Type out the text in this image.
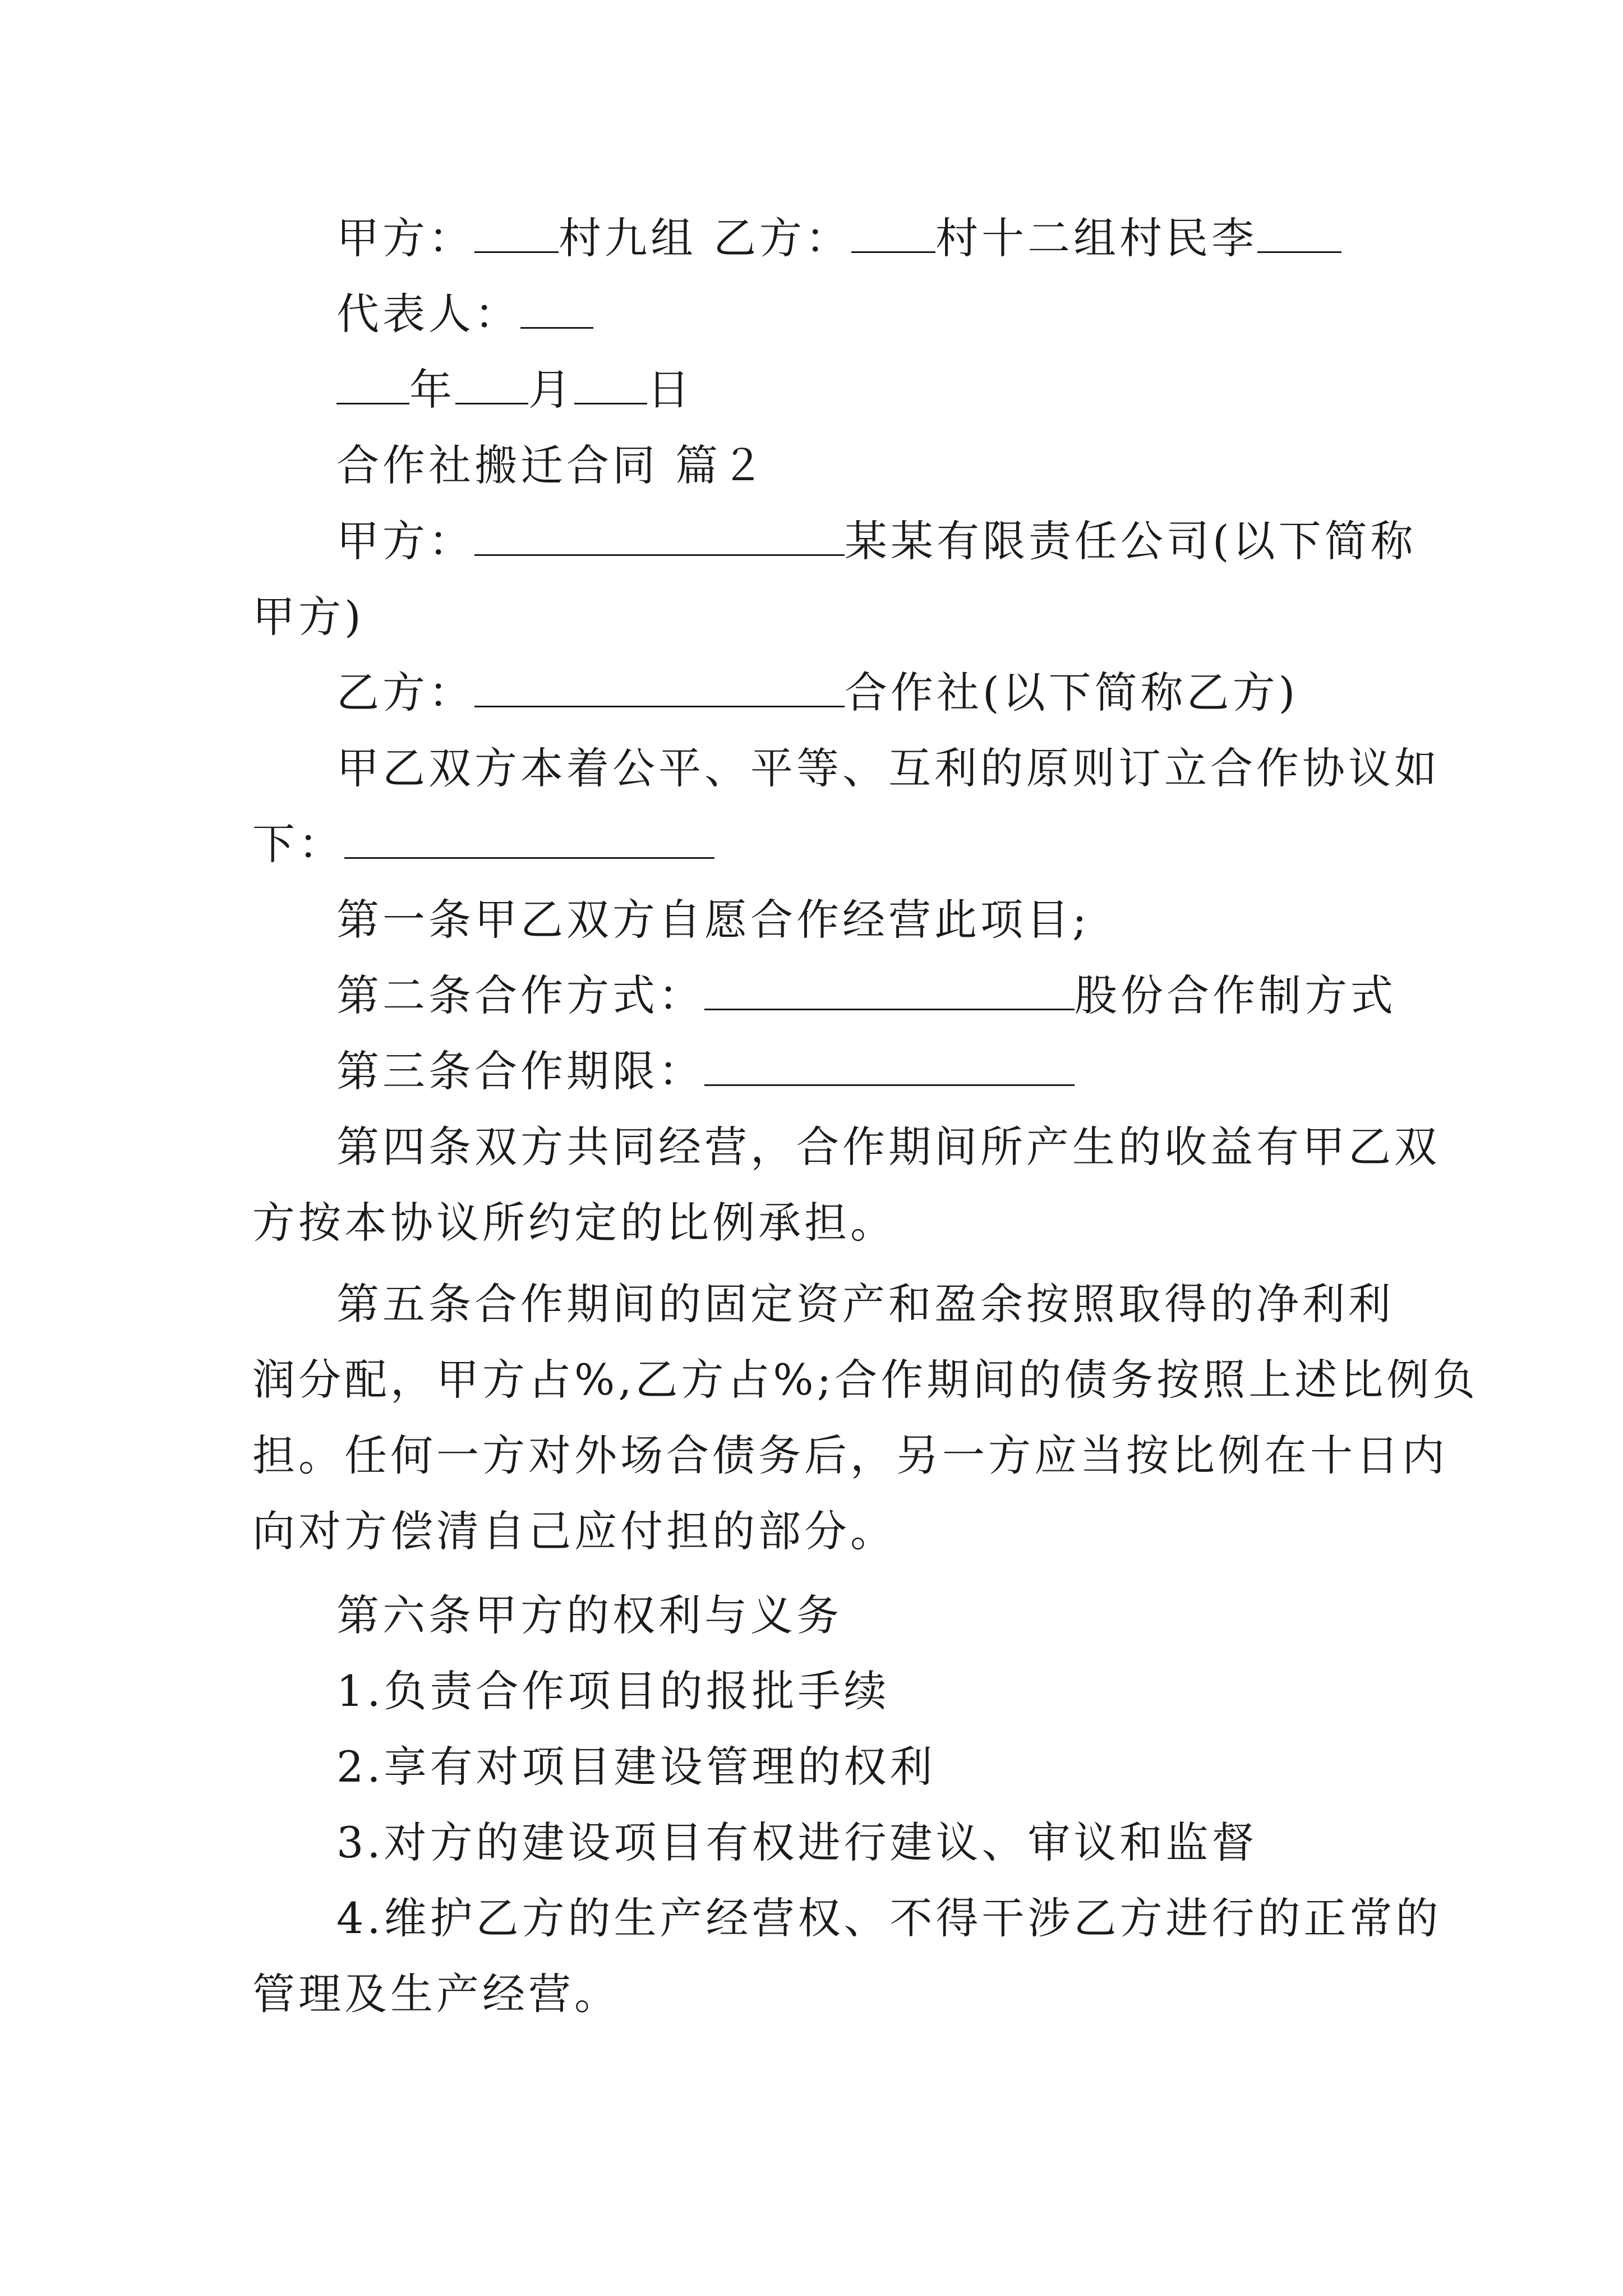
甲方： 村九组 乙方： 村十二组村民李
代表人：
年 月 日
合作社搬迁合同 篇２
甲方：	某某有限责任公司(以下简称
甲方)
乙方：	合作社(以下简称乙方)
甲乙双方本着公平、平等、互利的原则订立合作协议如
下：
第一条甲乙双方自愿合作经营此项目;
第二条合作方式：	股份合作制方式
第三条合作期限：
第四条双方共同经营，合作期间所产生的收益有甲乙双
方按本协议所约定的比例承担。
第五条合作期间的固定资产和盈余按照取得的净利利
润分配，甲方占%,乙方占%;合作期间的债务按照上述比例负
担。任何一方对外场合债务后，另一方应当按比例在十日内
向对方偿清自己应付担的部分。
第六条甲方的权利与义务
1.负责合作项目的报批手续
2.享有对项目建设管理的权利
3.对方的建设项目有权进行建议、审议和监督
4.维护乙方的生产经营权、不得干涉乙方进行的正常的
管理及生产经营。
